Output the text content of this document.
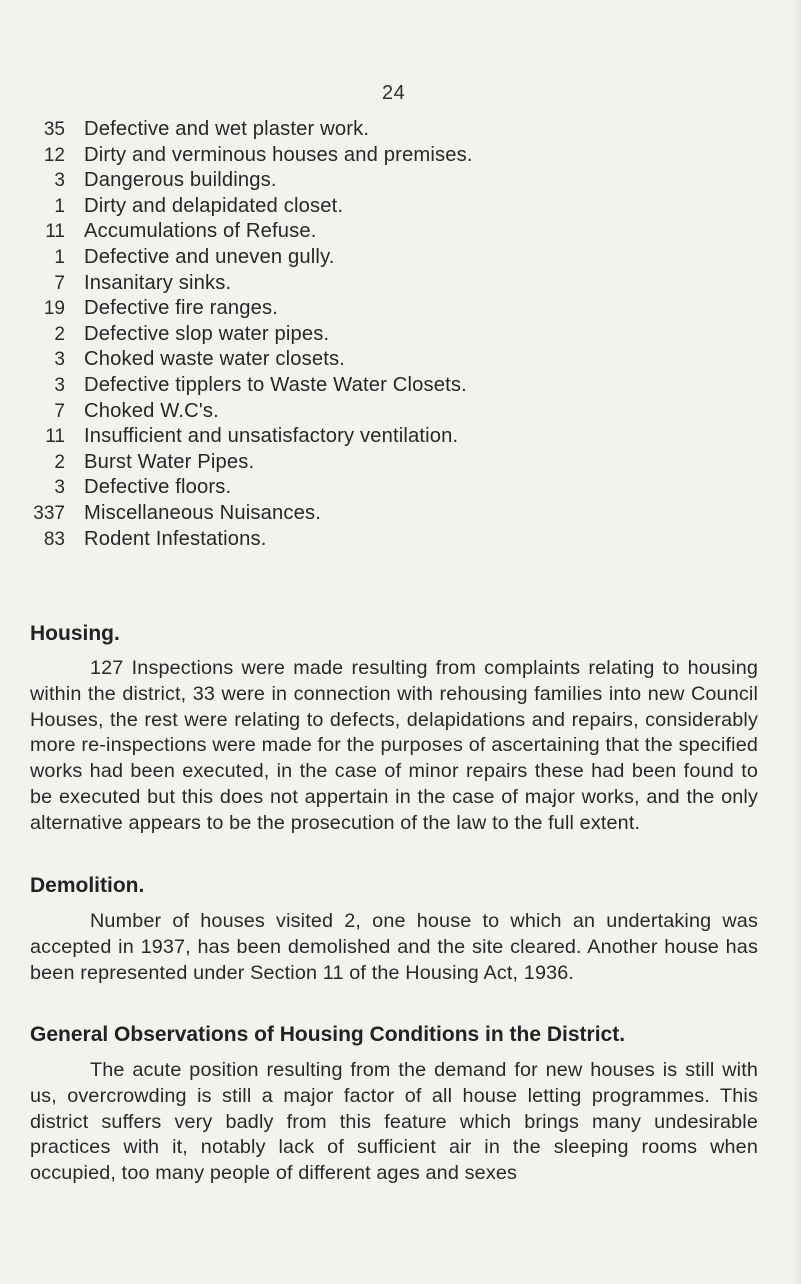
24
35 Defective and wet plaster work.
12 Dirty and verminous houses and premises.
3 Dangerous buildings.
1 Dirty and delapidated closet.
11 Accumulations of Refuse.
1 Defective and uneven gully.
7 Insanitary sinks.
19 Defective fire ranges.
2 Defective slop water pipes.
3 Choked waste water closets.
3 Defective tipplers to Waste Water Closets.
7 Choked W.C's.
11 Insufficient and unsatisfactory ventilation.
2 Burst Water Pipes.
3 Defective floors.
337 Miscellaneous Nuisances.
83 Rodent Infestations.
Housing.

127 Inspections were made resulting from complaints relating to housing within the district, 33 were in connection with rehousing families into new Council Houses, the rest were relating to defects, delapidations and repairs, considerably more re-inspections were made for the purposes of ascertaining that the specified works had been executed, in the case of minor repairs these had been found to be executed but this does not appertain in the case of major works, and the only alternative appears to be the prosecution of the law to the full extent.

Demolition.

Number of houses visited 2, one house to which an undertaking was accepted in 1937, has been demolished and the site cleared. Another house has been represented under Section 11 of the Housing Act, 1936.

General Observations of Housing Conditions in the District.

The acute position resulting from the demand for new houses is still with us, overcrowding is still a major factor of all house letting programmes. This district suffers very badly from this feature which brings many undesirable practices with it, notably lack of sufficient air in the sleeping rooms when occupied, too many people of different ages and sexes
